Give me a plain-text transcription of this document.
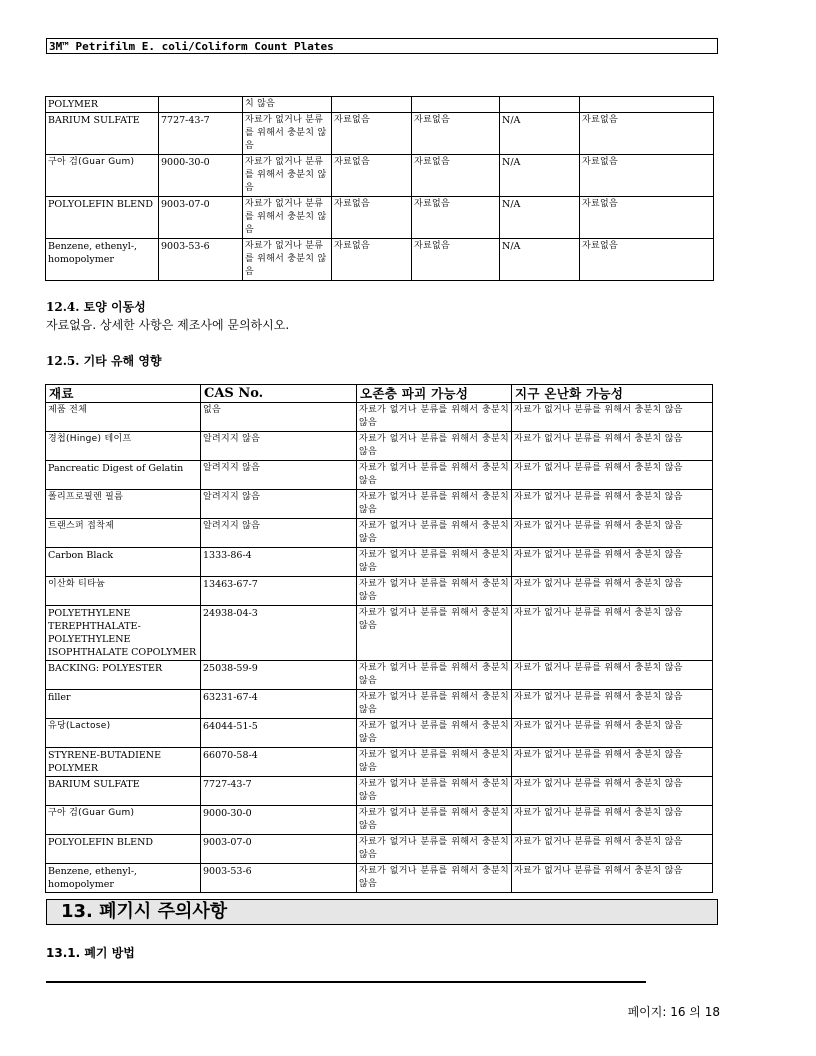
3M™ Petrifilm E. coli/Coliform Count Plates
POLYMER		치 않음				
BARIUM SULFATE	7727-43-7	자료가 없거나 분류를 위해서 충분치 않음	자료없음	자료없음	N/A	자료없음
구아 검(Guar Gum)	9000-30-0	자료가 없거나 분류를 위해서 충분치 않음	자료없음	자료없음	N/A	자료없음
POLYOLEFIN BLEND	9003-07-0	자료가 없거나 분류를 위해서 충분치 않음	자료없음	자료없음	N/A	자료없음
Benzene, ethenyl-, homopolymer	9003-53-6	자료가 없거나 분류를 위해서 충분치 않음	자료없음	자료없음	N/A	자료없음
12.4. 토양 이동성
자료없음. 상세한 사항은 제조사에 문의하시오.
12.5. 기타 유해 영향
재료	CAS No.	오존층 파괴 가능성	지구 온난화 가능성
제품 전체	없음	자료가 없거나 분류를 위해서 충분치 않음	자료가 없거나 분류를 위해서 충분치 않음
경첩(Hinge) 테이프	알려지지 않음	자료가 없거나 분류를 위해서 충분치 않음	자료가 없거나 분류를 위해서 충분치 않음
Pancreatic Digest of Gelatin	알려지지 않음	자료가 없거나 분류를 위해서 충분치 않음	자료가 없거나 분류를 위해서 충분치 않음
폴리프로필렌 필름	알려지지 않음	자료가 없거나 분류를 위해서 충분치 않음	자료가 없거나 분류를 위해서 충분치 않음
트랜스퍼 접착제	알려지지 않음	자료가 없거나 분류를 위해서 충분치 않음	자료가 없거나 분류를 위해서 충분치 않음
Carbon Black	1333-86-4	자료가 없거나 분류를 위해서 충분치 않음	자료가 없거나 분류를 위해서 충분치 않음
이산화 티타늄	13463-67-7	자료가 없거나 분류를 위해서 충분치 않음	자료가 없거나 분류를 위해서 충분치 않음
POLYETHYLENE TEREPHTHALATE-POLYETHYLENE ISOPHTHALATE COPOLYMER	24938-04-3	자료가 없거나 분류를 위해서 충분치 않음	자료가 없거나 분류를 위해서 충분치 않음
BACKING: POLYESTER	25038-59-9	자료가 없거나 분류를 위해서 충분치 않음	자료가 없거나 분류를 위해서 충분치 않음
filler	63231-67-4	자료가 없거나 분류를 위해서 충분치 않음	자료가 없거나 분류를 위해서 충분치 않음
유당(Lactose)	64044-51-5	자료가 없거나 분류를 위해서 충분치 않음	자료가 없거나 분류를 위해서 충분치 않음
STYRENE-BUTADIENE POLYMER	66070-58-4	자료가 없거나 분류를 위해서 충분치 않음	자료가 없거나 분류를 위해서 충분치 않음
BARIUM SULFATE	7727-43-7	자료가 없거나 분류를 위해서 충분치 않음	자료가 없거나 분류를 위해서 충분치 않음
구아 검(Guar Gum)	9000-30-0	자료가 없거나 분류를 위해서 충분치 않음	자료가 없거나 분류를 위해서 충분치 않음
POLYOLEFIN BLEND	9003-07-0	자료가 없거나 분류를 위해서 충분치 않음	자료가 없거나 분류를 위해서 충분치 않음
Benzene, ethenyl-, homopolymer	9003-53-6	자료가 없거나 분류를 위해서 충분치 않음	자료가 없거나 분류를 위해서 충분치 않음
13. 폐기시 주의사항
13.1. 폐기 방법
페이지: 16 의 18
